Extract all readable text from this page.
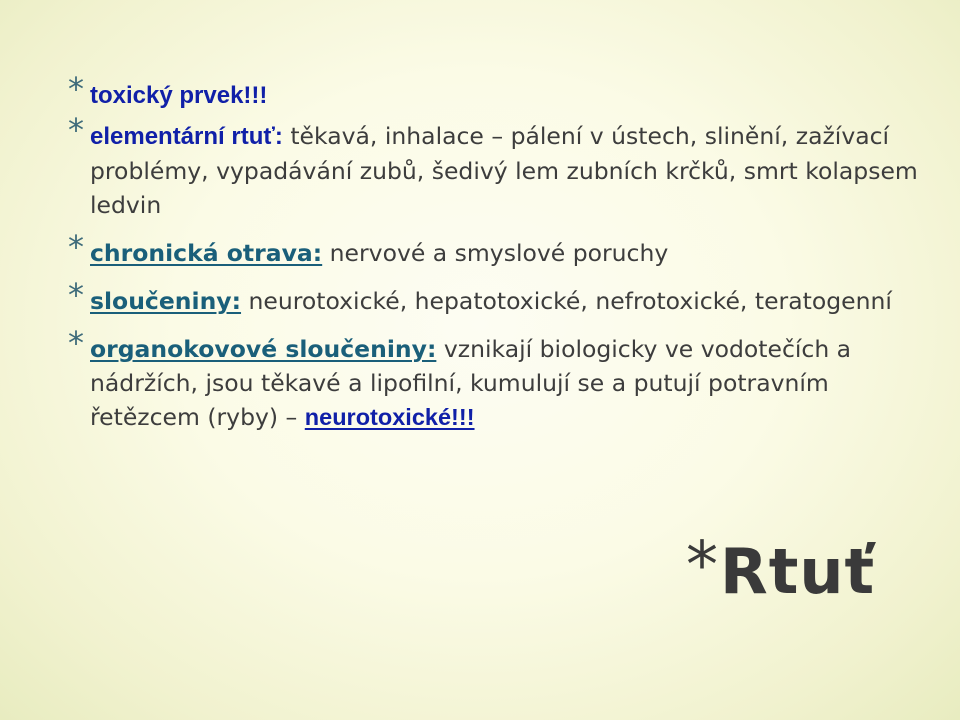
* toxický prvek!!!
* elementární rtuť: těkavá, inhalace – pálení v ústech, slinění, zažívací problémy, vypadávání zubů, šedivý lem zubních krčků, smrt kolapsem ledvin
* chronická otrava: nervové a smyslové poruchy
* sloučeniny: neurotoxické, hepatotoxické, nefrotoxické, teratogenní
* organokovové sloučeniny: vznikají biologicky ve vodotečích a nádržích, jsou těkavé a lipofilní, kumulují se a putují potravním řetězcem (ryby) – neurotoxické!!!
* Rtuť
